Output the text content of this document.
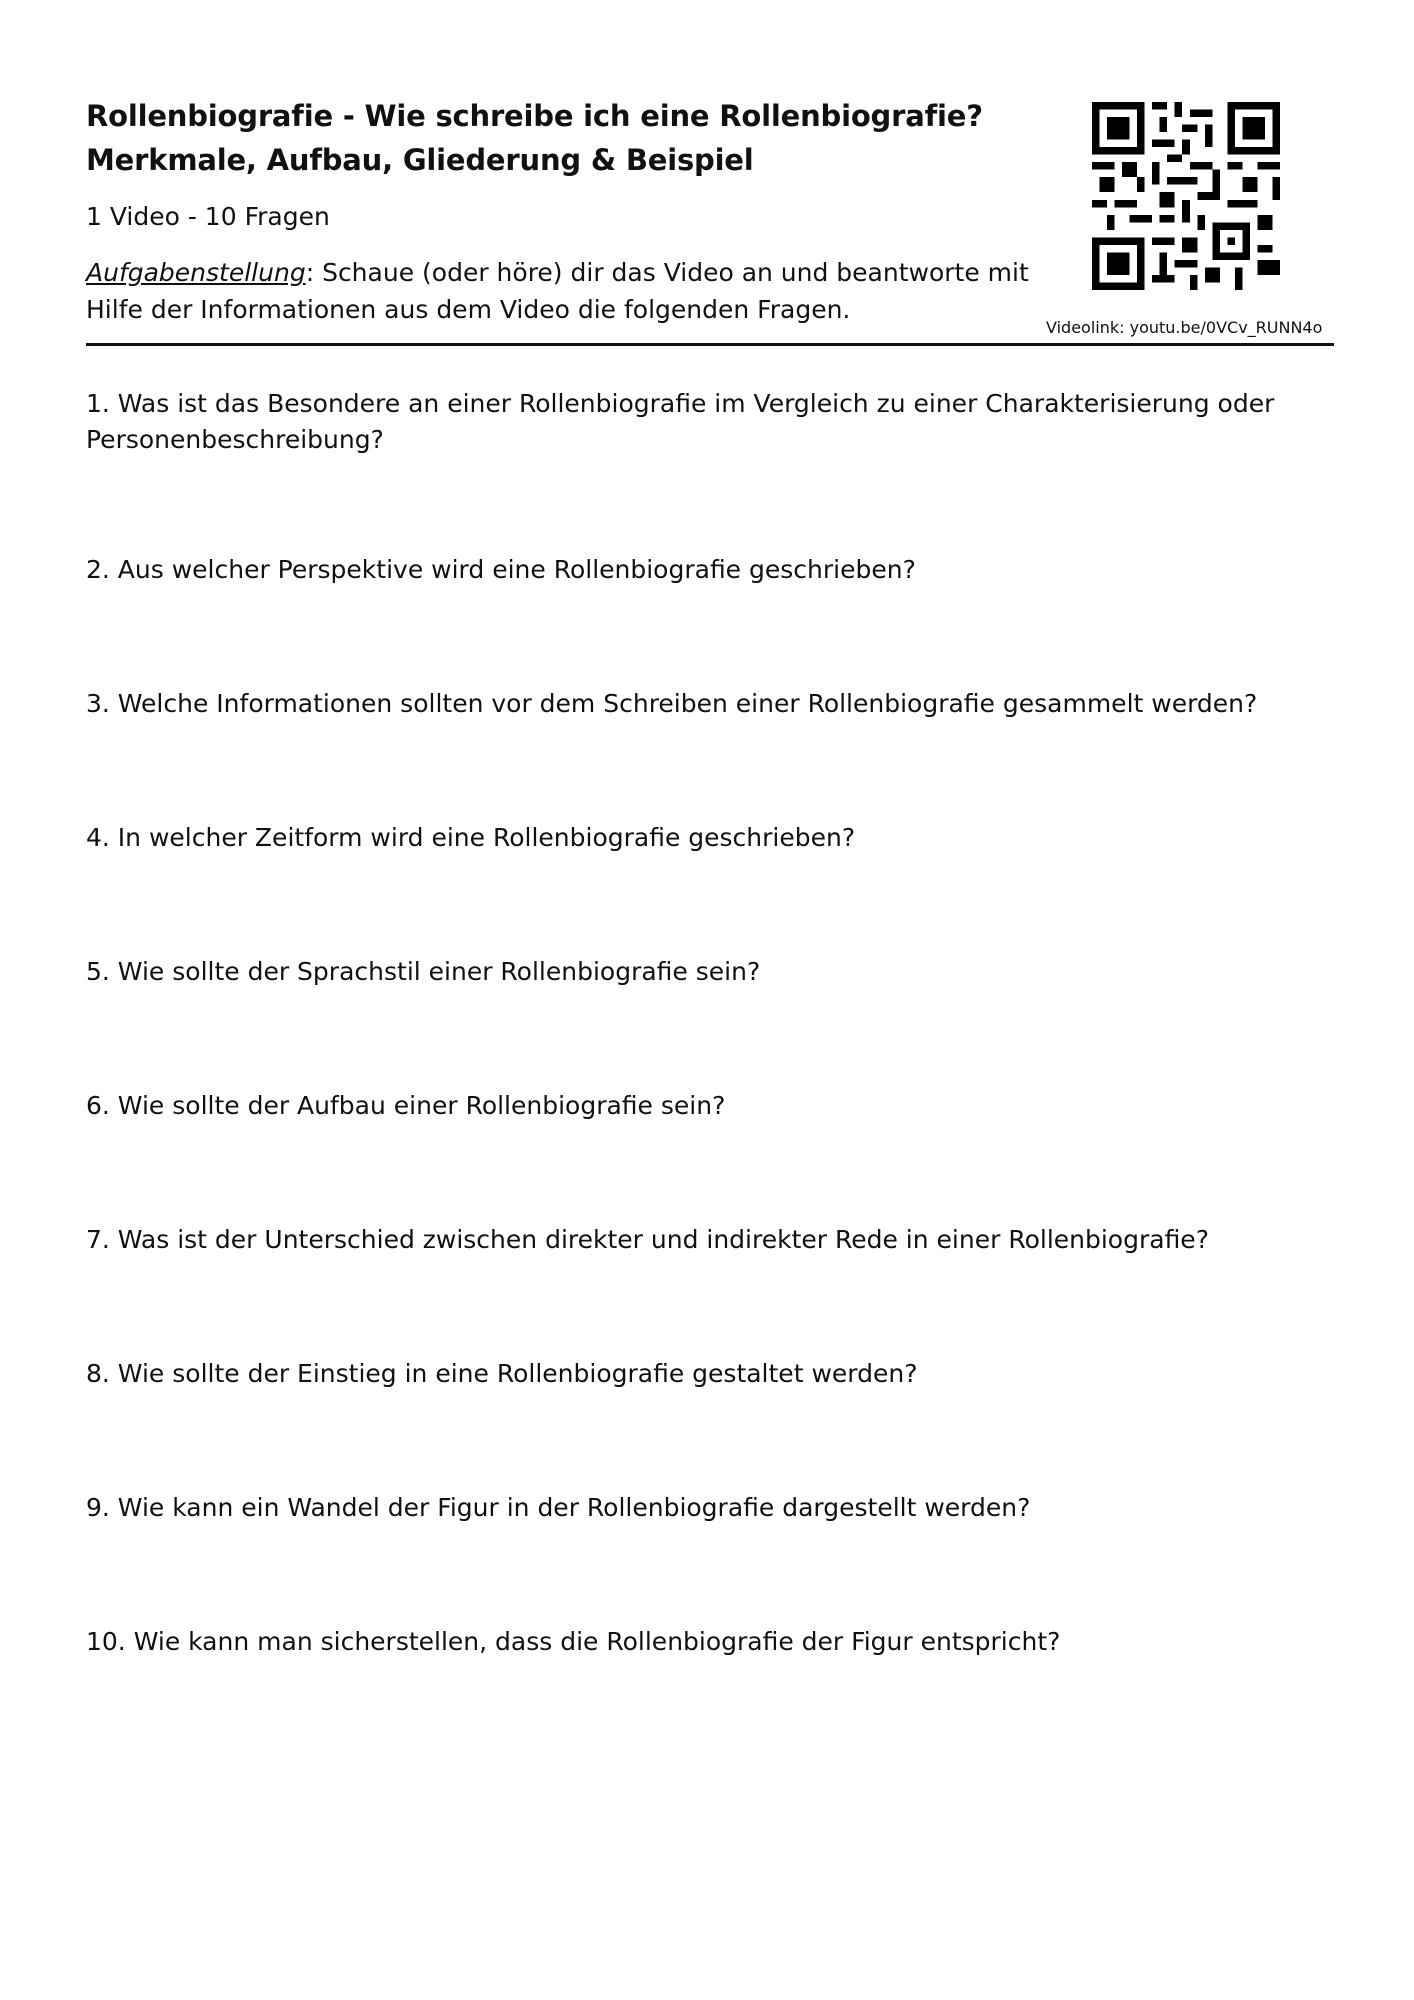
Rollenbiografie - Wie schreibe ich eine Rollenbiografie?

Merkmale, Aufbau, Gliederung & Beispiel

1 Video - 10 Fragen
Aufgabenstellung: Schaue (oder höre) dir das Video an und beantworte mit Hilfe der Informationen aus dem Video die folgenden Fragen.
Videolink: youtu.be/0VCv_RUNN4o
1. Was ist das Besondere an einer Rollenbiografie im Vergleich zu einer Charakterisierung oder Personenbeschreibung?
2. Aus welcher Perspektive wird eine Rollenbiografie geschrieben?
3. Welche Informationen sollten vor dem Schreiben einer Rollenbiografie gesammelt werden?
4. In welcher Zeitform wird eine Rollenbiografie geschrieben?
5. Wie sollte der Sprachstil einer Rollenbiografie sein?
6. Wie sollte der Aufbau einer Rollenbiografie sein?
7. Was ist der Unterschied zwischen direkter und indirekter Rede in einer Rollenbiografie?
8. Wie sollte der Einstieg in eine Rollenbiografie gestaltet werden?
9. Wie kann ein Wandel der Figur in der Rollenbiografie dargestellt werden?
10. Wie kann man sicherstellen, dass die Rollenbiografie der Figur entspricht?
